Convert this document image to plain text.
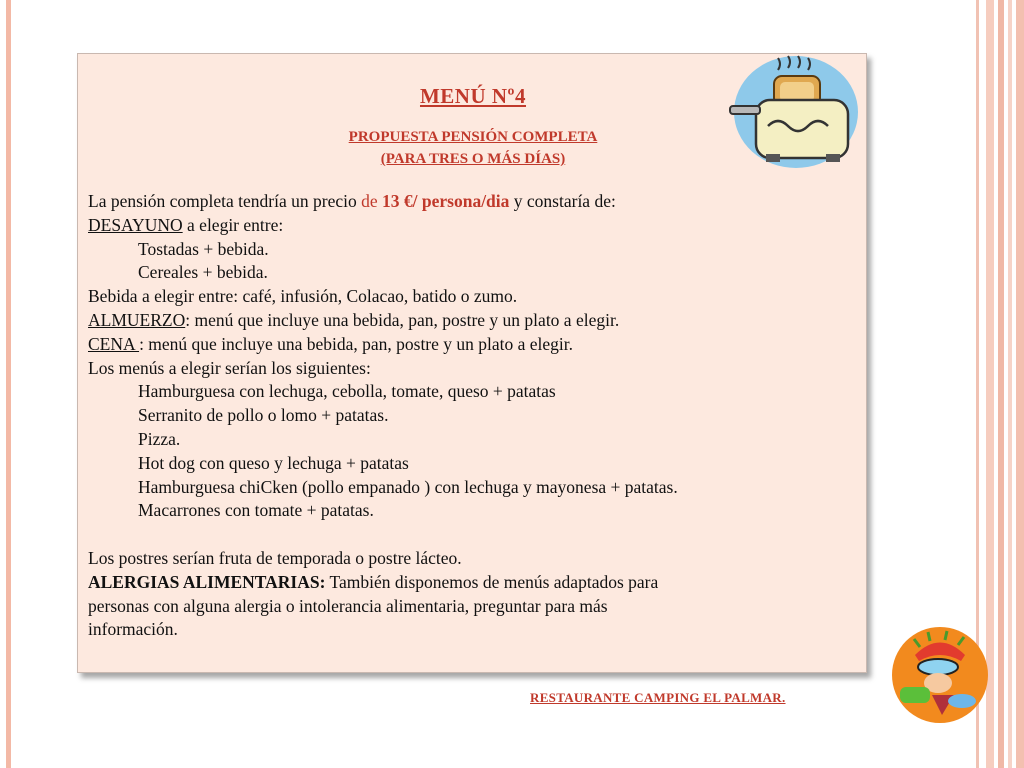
MENÚ Nº4
PROPUESTA PENSIÓN COMPLETA
(PARA TRES O MÁS DÍAS)
La pensión completa tendría un precio de 13 €/ persona/dia y constaría de:
DESAYUNO a elegir entre:
Tostadas + bebida.
Cereales + bebida.
Bebida a elegir entre: café, infusión, Colacao, batido o zumo.
ALMUERZO: menú que incluye una bebida, pan, postre y un plato a elegir.
CENA : menú que incluye una bebida, pan, postre y un plato a elegir.
Los menús a elegir serían los siguientes:
Hamburguesa con lechuga, cebolla, tomate, queso + patatas
Serranito de pollo o lomo + patatas.
Pizza.
Hot dog con queso y lechuga + patatas
Hamburguesa chiCken (pollo empanado ) con lechuga y mayonesa + patatas.
Macarrones con tomate + patatas.
Los postres serían fruta de temporada o postre lácteo.
ALERGIAS ALIMENTARIAS: También disponemos de menús adaptados para
personas con alguna alergia o intolerancia alimentaria, preguntar para más
información.
RESTAURANTE CAMPING EL PALMAR.
